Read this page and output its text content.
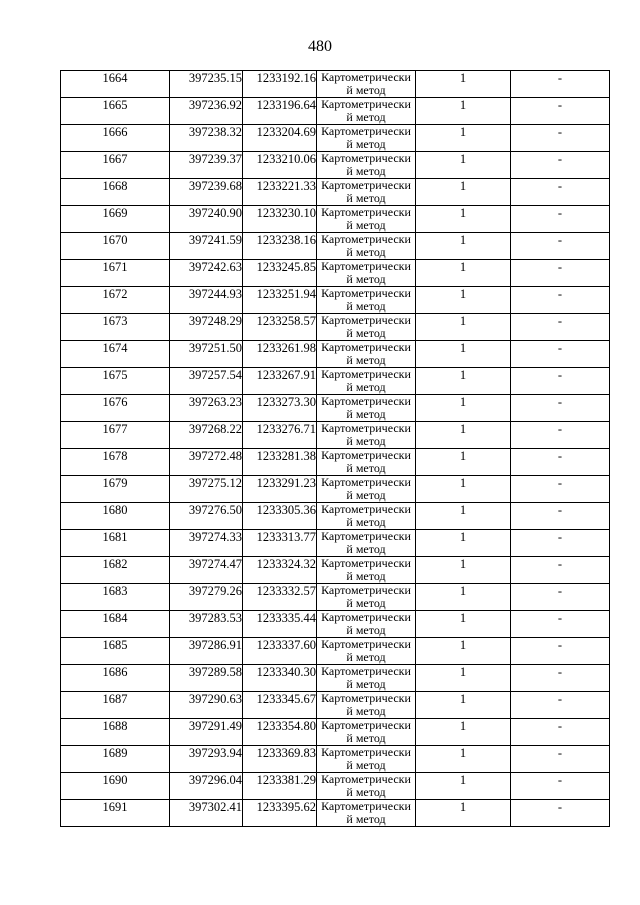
480
1664	397235.15	1233192.16	Картометрически й метод	1	-
1665	397236.92	1233196.64	Картометрически й метод	1	-
1666	397238.32	1233204.69	Картометрически й метод	1	-
1667	397239.37	1233210.06	Картометрически й метод	1	-
1668	397239.68	1233221.33	Картометрически й метод	1	-
1669	397240.90	1233230.10	Картометрически й метод	1	-
1670	397241.59	1233238.16	Картометрически й метод	1	-
1671	397242.63	1233245.85	Картометрически й метод	1	-
1672	397244.93	1233251.94	Картометрически й метод	1	-
1673	397248.29	1233258.57	Картометрически й метод	1	-
1674	397251.50	1233261.98	Картометрически й метод	1	-
1675	397257.54	1233267.91	Картометрически й метод	1	-
1676	397263.23	1233273.30	Картометрически й метод	1	-
1677	397268.22	1233276.71	Картометрически й метод	1	-
1678	397272.48	1233281.38	Картометрически й метод	1	-
1679	397275.12	1233291.23	Картометрически й метод	1	-
1680	397276.50	1233305.36	Картометрически й метод	1	-
1681	397274.33	1233313.77	Картометрически й метод	1	-
1682	397274.47	1233324.32	Картометрически й метод	1	-
1683	397279.26	1233332.57	Картометрически й метод	1	-
1684	397283.53	1233335.44	Картометрически й метод	1	-
1685	397286.91	1233337.60	Картометрически й метод	1	-
1686	397289.58	1233340.30	Картометрически й метод	1	-
1687	397290.63	1233345.67	Картометрически й метод	1	-
1688	397291.49	1233354.80	Картометрически й метод	1	-
1689	397293.94	1233369.83	Картометрически й метод	1	-
1690	397296.04	1233381.29	Картометрически й метод	1	-
1691	397302.41	1233395.62	Картометрически й метод	1	-
